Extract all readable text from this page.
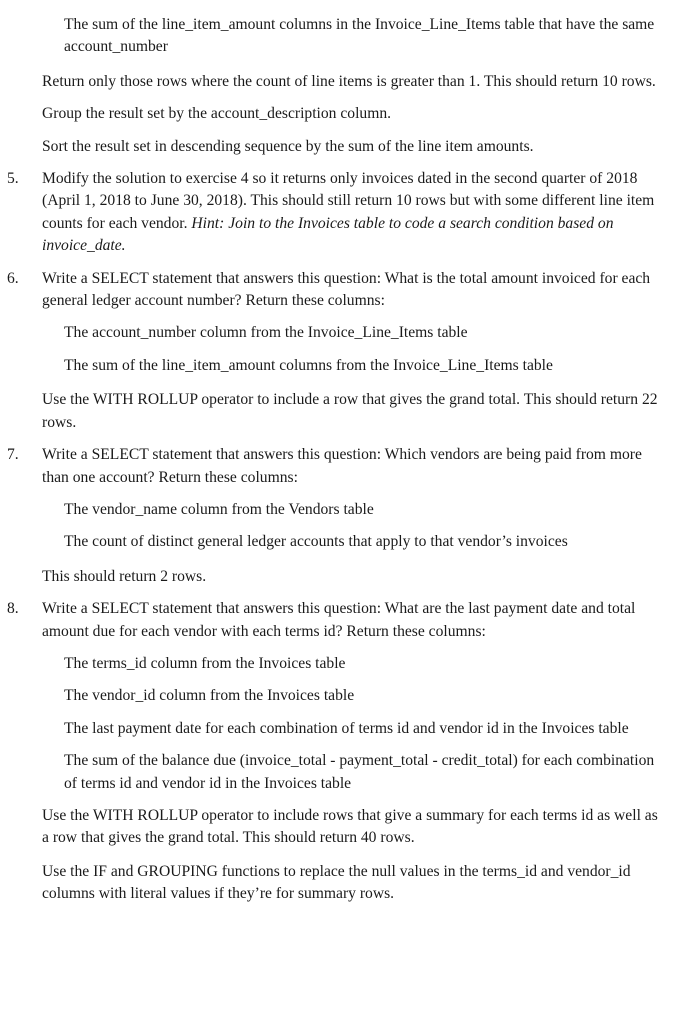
The sum of the line_item_amount columns in the Invoice_Line_Items table that have the same account_number

Return only those rows where the count of line items is greater than 1. This should return 10 rows.

Group the result set by the account_description column.

Sort the result set in descending sequence by the sum of the line item amounts.

5. Modify the solution to exercise 4 so it returns only invoices dated in the second quarter of 2018 (April 1, 2018 to June 30, 2018). This should still return 10 rows but with some different line item counts for each vendor. Hint: Join to the Invoices table to code a search condition based on invoice_date.
6. Write a SELECT statement that answers this question: What is the total amount invoiced for each general ledger account number? Return these columns:

The account_number column from the Invoice_Line_Items table

The sum of the line_item_amount columns from the Invoice_Line_Items table

Use the WITH ROLLUP operator to include a row that gives the grand total. This should return 22 rows.

7. Write a SELECT statement that answers this question: Which vendors are being paid from more than one account? Return these columns:

The vendor_name column from the Vendors table

The count of distinct general ledger accounts that apply to that vendor’s invoices

This should return 2 rows.

8. Write a SELECT statement that answers this question: What are the last payment date and total amount due for each vendor with each terms id? Return these columns:

The terms_id column from the Invoices table

The vendor_id column from the Invoices table

The last payment date for each combination of terms id and vendor id in the Invoices table

The sum of the balance due (invoice_total - payment_total - credit_total) for each combination of terms id and vendor id in the Invoices table

Use the WITH ROLLUP operator to include rows that give a summary for each terms id as well as a row that gives the grand total. This should return 40 rows.

Use the IF and GROUPING functions to replace the null values in the terms_id and vendor_id columns with literal values if they’re for summary rows.
